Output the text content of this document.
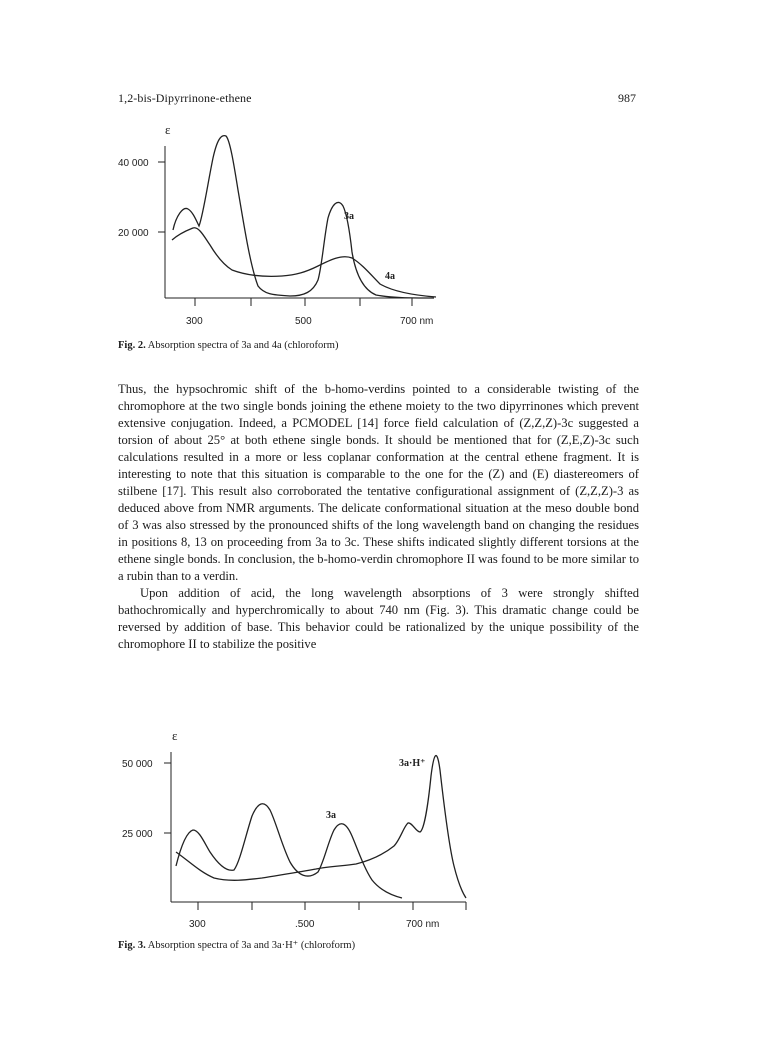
1,2-bis-Dipyrrinone-ethene	987
ε
40 000
20 000
300	500	700 nm
3a
4a
Fig. 2. Absorption spectra of 3a and 4a (chloroform)

Thus, the hypsochromic shift of the b-homo-verdins pointed to a considerable twisting of the chromophore at the two single bonds joining the ethene moiety to the two dipyrrinones which prevent extensive conjugation. Indeed, a PCMODEL [14] force field calculation of (Z,Z,Z)-3c suggested a torsion of about 25° at both ethene single bonds. It should be mentioned that for (Z,E,Z)-3c such calculations resulted in a more or less coplanar conformation at the central ethene fragment. It is interesting to note that this situation is comparable to the one for the (Z) and (E) diastereomers of stilbene [17]. This result also corroborated the tentative configurational assignment of (Z,Z,Z)-3 as deduced above from NMR arguments. The delicate conformational situation at the meso double bond of 3 was also stressed by the pronounced shifts of the long wavelength band on changing the residues in positions 8, 13 on proceeding from 3a to 3c. These shifts indicated slightly different torsions at the ethene single bonds. In conclusion, the b-homo-verdin chromophore II was found to be more similar to a rubin than to a verdin.

Upon addition of acid, the long wavelength absorptions of 3 were strongly shifted bathochromically and hyperchromically to about 740 nm (Fig. 3). This dramatic change could be reversed by addition of base. This behavior could be rationalized by the unique possibility of the chromophore II to stabilize the positive

ε
50 000
25 000
300	.500	700 nm
3a·H⁺
3a
Fig. 3. Absorption spectra of 3a and 3a·H⁺ (chloroform)
